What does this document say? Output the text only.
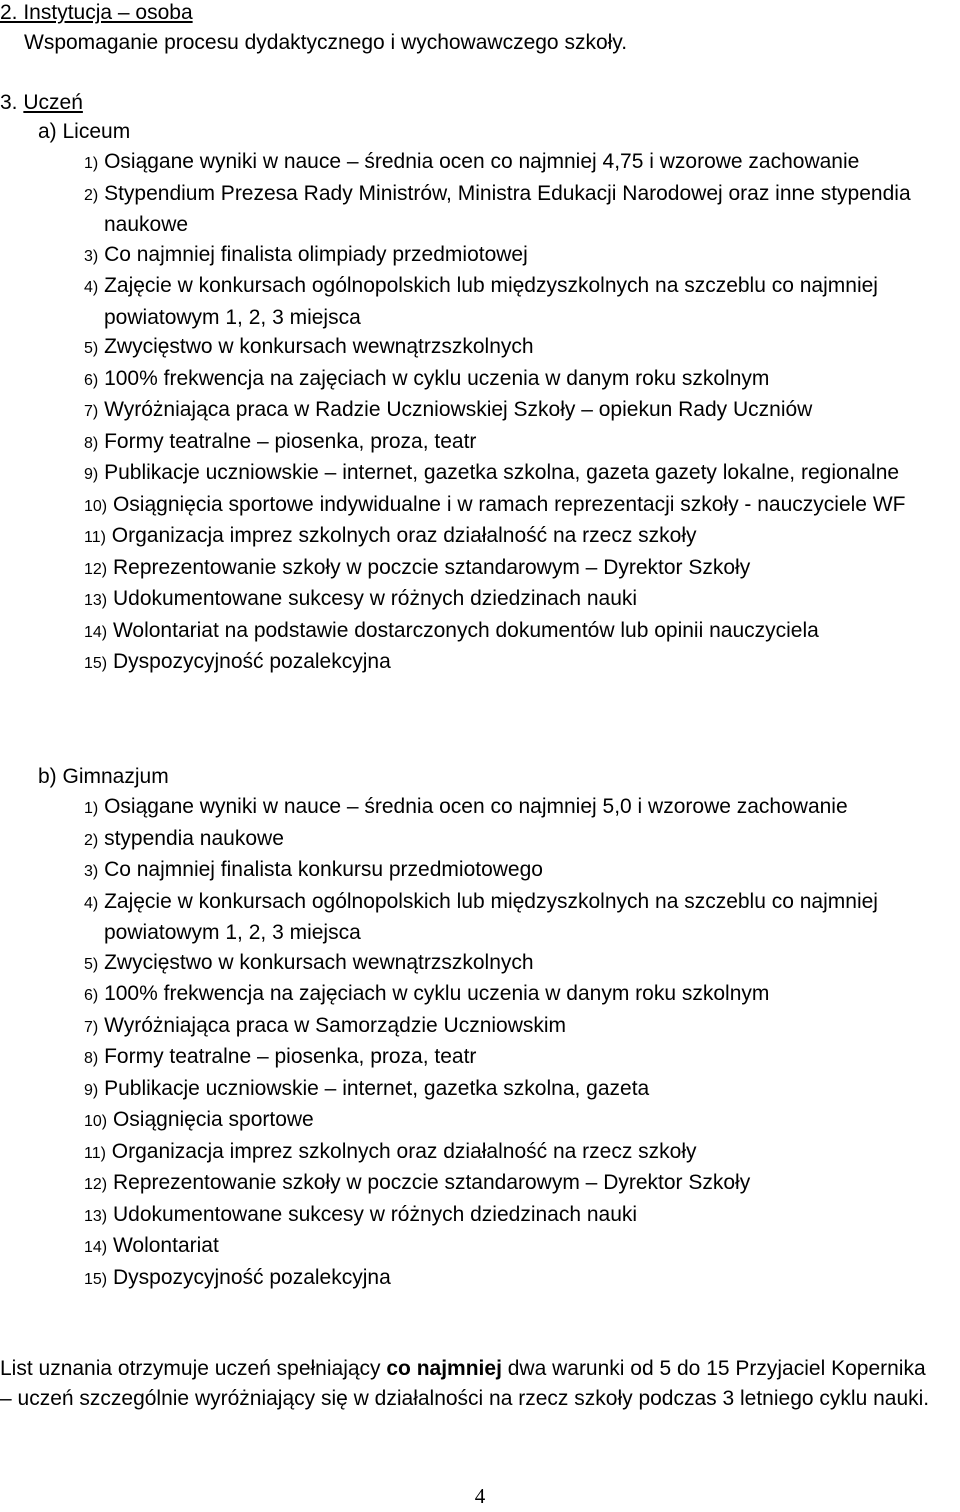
2. Instytucja – osoba
Wspomaganie procesu dydaktycznego i wychowawczego szkoły.
3. Uczeń
a) Liceum
1) Osiągane wyniki w nauce – średnia ocen co najmniej 4,75 i wzorowe zachowanie
2) Stypendium Prezesa Rady Ministrów, Ministra Edukacji Narodowej oraz inne stypendia naukowe
3) Co najmniej finalista olimpiady przedmiotowej
4) Zajęcie w konkursach ogólnopolskich lub międzyszkolnych na szczeblu co najmniej powiatowym 1, 2, 3 miejsca
5) Zwycięstwo w konkursach wewnątrzszkolnych
6) 100% frekwencja na zajęciach w cyklu uczenia w danym roku szkolnym
7) Wyróżniająca praca w Radzie Uczniowskiej Szkoły – opiekun Rady Uczniów
8) Formy teatralne – piosenka, proza, teatr
9) Publikacje uczniowskie – internet, gazetka szkolna, gazeta gazety lokalne, regionalne
10) Osiągnięcia sportowe indywidualne i w ramach reprezentacji szkoły - nauczyciele WF
11) Organizacja imprez szkolnych oraz działalność na rzecz szkoły
12) Reprezentowanie szkoły w poczcie sztandarowym – Dyrektor Szkoły
13) Udokumentowane sukcesy w różnych dziedzinach nauki
14) Wolontariat na podstawie dostarczonych dokumentów lub opinii nauczyciela
15) Dyspozycyjność pozalekcyjna
b) Gimnazjum
1) Osiągane wyniki w nauce – średnia ocen co najmniej 5,0 i wzorowe zachowanie
2) stypendia naukowe
3) Co najmniej finalista konkursu przedmiotowego
4) Zajęcie w konkursach ogólnopolskich lub międzyszkolnych na szczeblu co najmniej powiatowym 1, 2, 3 miejsca
5) Zwycięstwo w konkursach wewnątrzszkolnych
6) 100% frekwencja na zajęciach w cyklu uczenia w danym roku szkolnym
7) Wyróżniająca praca w Samorządzie Uczniowskim
8) Formy teatralne – piosenka, proza, teatr
9) Publikacje uczniowskie – internet, gazetka szkolna, gazeta
10) Osiągnięcia sportowe
11) Organizacja imprez szkolnych oraz działalność na rzecz szkoły
12) Reprezentowanie szkoły w poczcie sztandarowym – Dyrektor Szkoły
13) Udokumentowane sukcesy w różnych dziedzinach nauki
14) Wolontariat
15) Dyspozycyjność pozalekcyjna
List uznania otrzymuje uczeń spełniający co najmniej dwa warunki od 5 do 15 Przyjaciel Kopernika – uczeń szczególnie wyróżniający się w działalności na rzecz szkoły podczas 3 letniego cyklu nauki.
4
